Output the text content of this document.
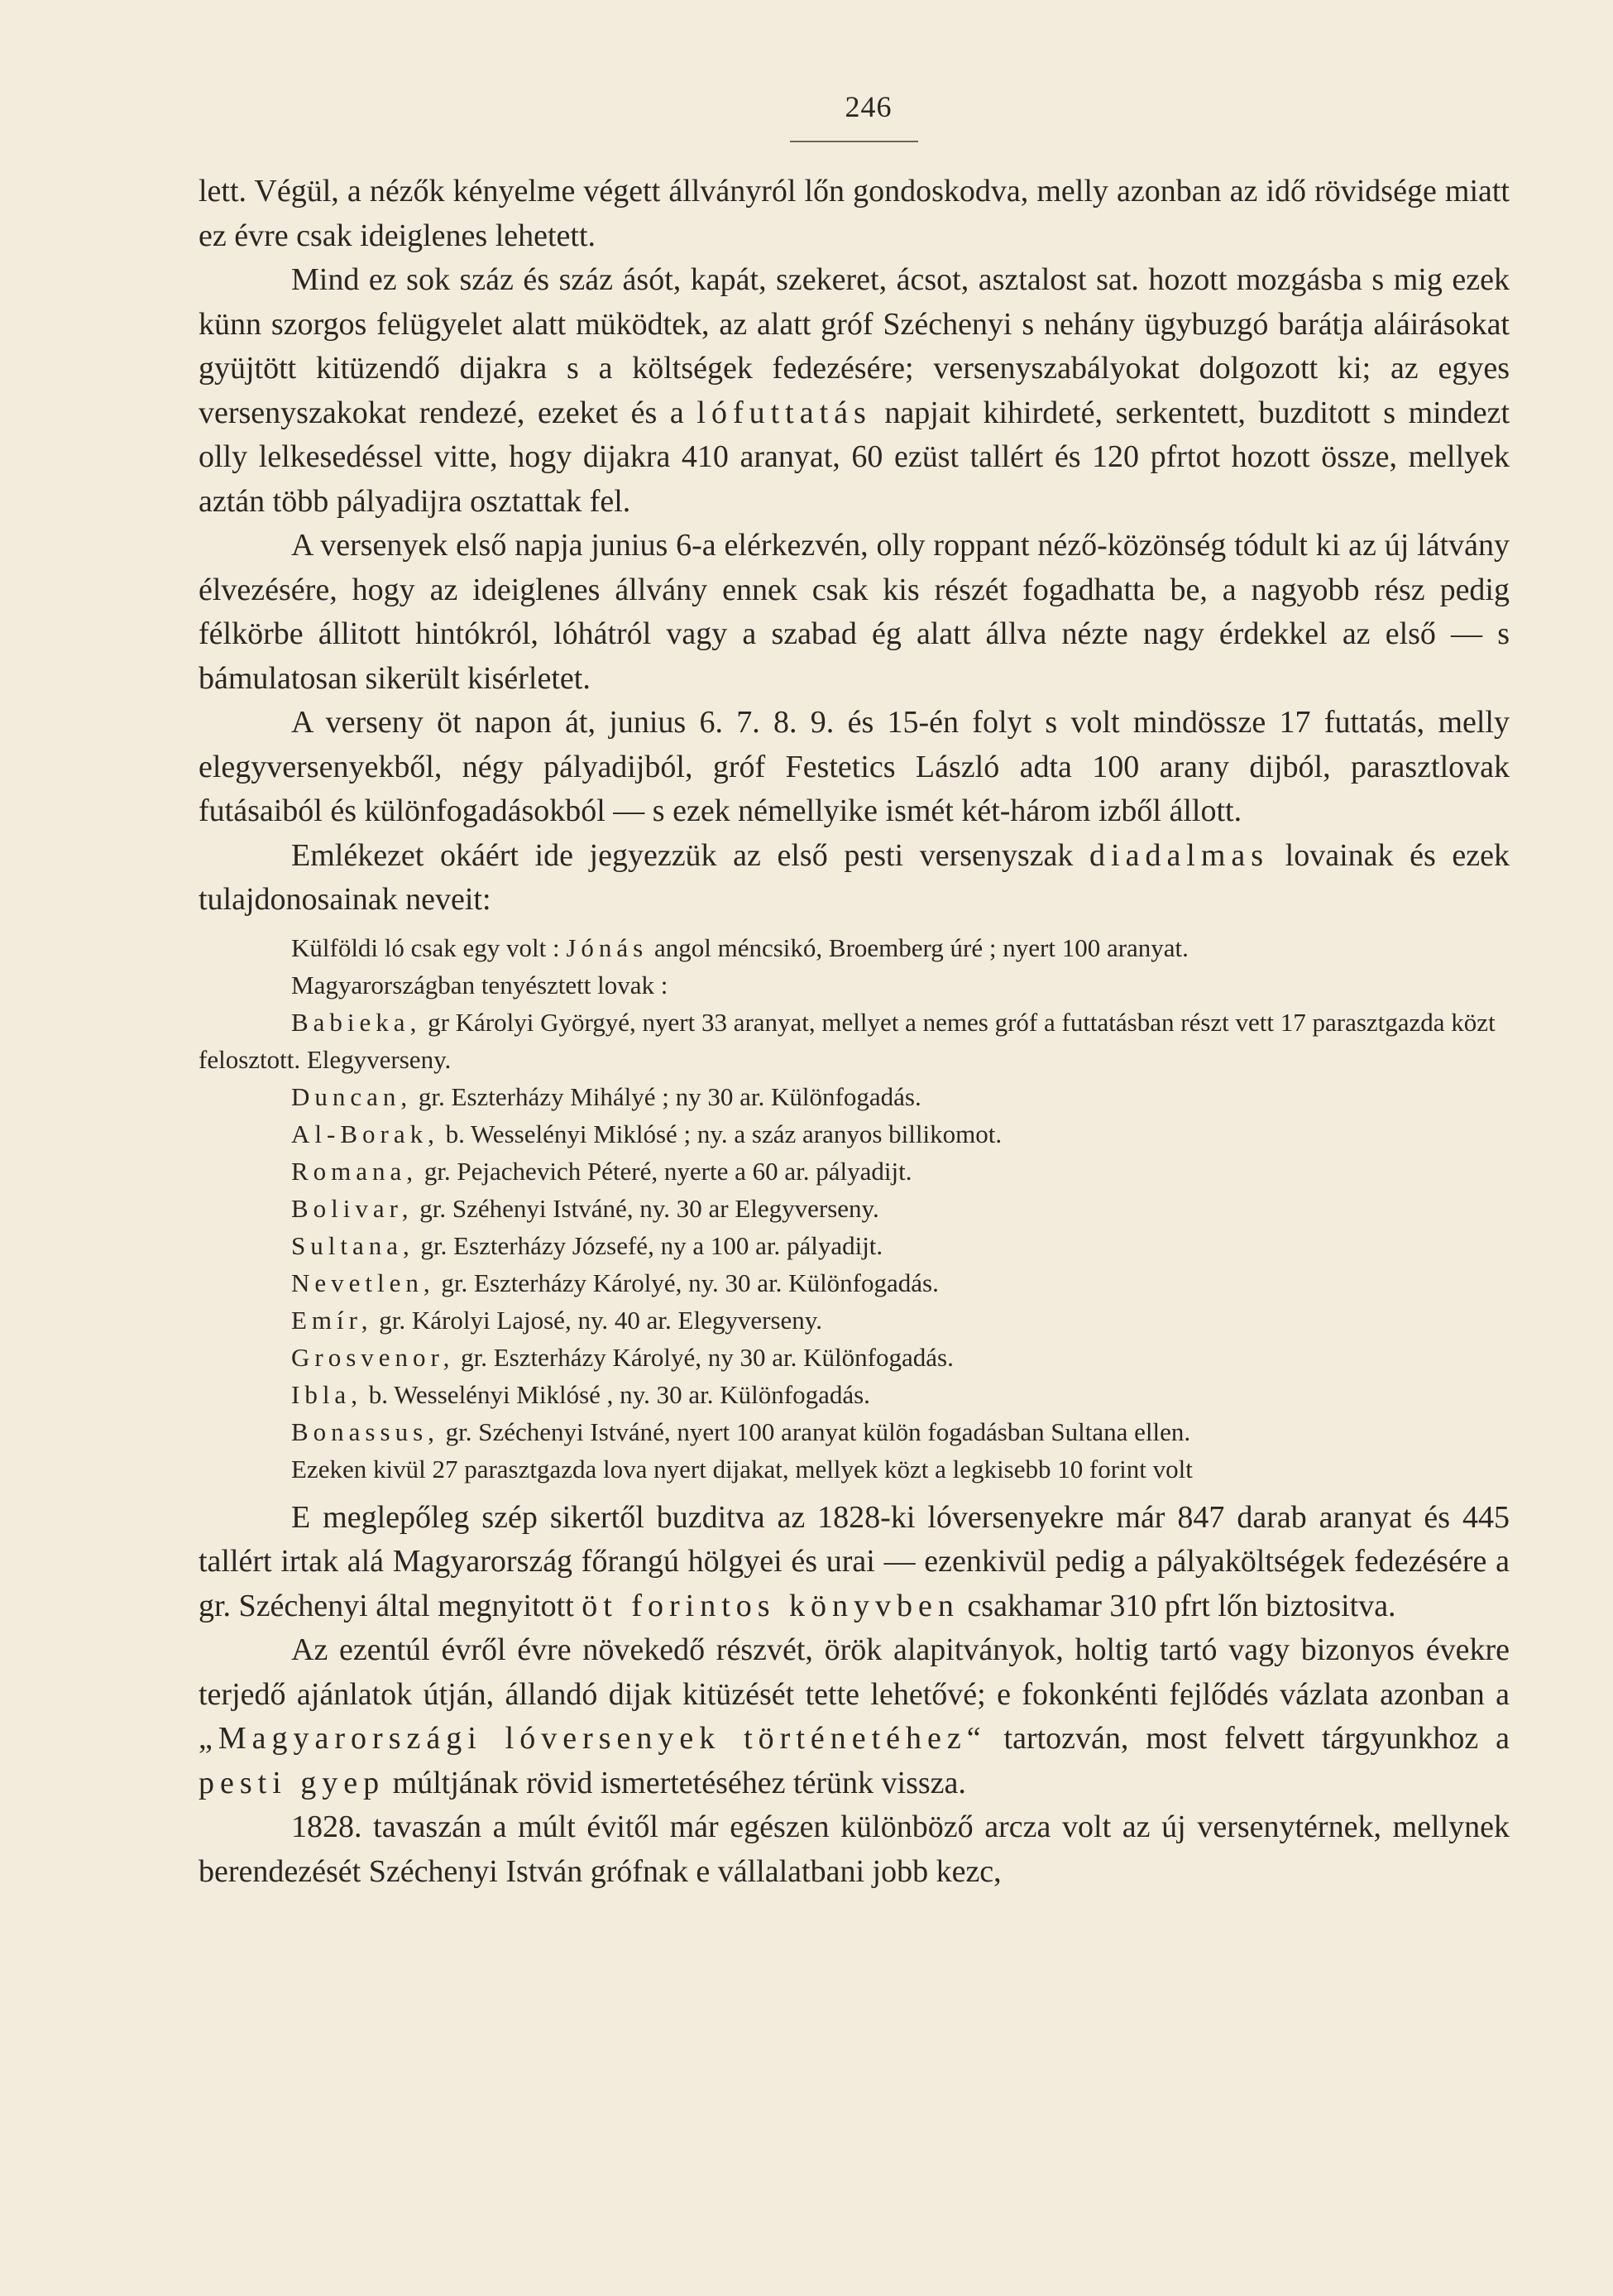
246

lett. Végül, a nézők kényelme végett állványról lőn gondoskodva, melly azonban az idő rövidsége miatt ez évre csak ideiglenes lehetett.

Mind ez sok száz és száz ásót, kapát, szekeret, ácsot, asztalost sat. hozott mozgásba s mig ezek künn szorgos felügyelet alatt müködtek, az alatt gróf Széchenyi s nehány ügybuzgó barátja aláirásokat gyüjtött kitüzendő dijakra s a költségek fedezésére; versenyszabályokat dolgozott ki; az egyes versenyszakokat rendezé, ezeket és a lófuttatás napjait kihirdeté, serkentett, buzditott s mindezt olly lelkesedéssel vitte, hogy dijakra 410 aranyat, 60 ezüst tallért és 120 pfrtot hozott össze, mellyek aztán több pályadijra osztattak fel.

A versenyek első napja junius 6-a elérkezvén, olly roppant néző-közönség tódult ki az új látvány élvezésére, hogy az ideiglenes állvány ennek csak kis részét fogadhatta be, a nagyobb rész pedig félkörbe állitott hintókról, lóhátról vagy a szabad ég alatt állva nézte nagy érdekkel az első — s bámulatosan sikerült kisérletet.

A verseny öt napon át, junius 6. 7. 8. 9. és 15-én folyt s volt mindössze 17 futtatás, melly elegyversenyekből, négy pályadijból, gróf Festetics László adta 100 arany dijból, parasztlovak futásaiból és különfogadásokból — s ezek némellyike ismét két-három izből állott.

Emlékezet okáért ide jegyezzük az első pesti versenyszak diadalmas lovainak és ezek tulajdonosainak neveit:

Külföldi ló csak egy volt : Jónás angol méncsikó, Broemberg úré ; nyert 100 aranyat.

Magyarországban tenyésztett lovak :

Babieka, gr Károlyi Györgyé, nyert 33 aranyat, mellyet a nemes gróf a futtatásban részt vett 17 parasztgazda közt felosztott. Elegyverseny.

Duncan, gr. Eszterházy Mihályé ; ny 30 ar. Különfogadás.

Al-Borak, b. Wesselényi Miklósé ; ny. a száz aranyos billikomot.

Romana, gr. Pejachevich Péteré, nyerte a 60 ar. pályadijt.

Bolivar, gr. Széhenyi Istváné, ny. 30 ar Elegyverseny.

Sultana, gr. Eszterházy Józsefé, ny a 100 ar. pályadijt.

Nevetlen, gr. Eszterházy Károlyé, ny. 30 ar. Különfogadás.

Emír, gr. Károlyi Lajosé, ny. 40 ar. Elegyverseny.

Grosvenor, gr. Eszterházy Károlyé, ny 30 ar. Különfogadás.

Ibla, b. Wesselényi Miklósé , ny. 30 ar. Különfogadás.

Bonassus, gr. Széchenyi Istváné, nyert 100 aranyat külön fogadásban Sultana ellen.

Ezeken kivül 27 parasztgazda lova nyert dijakat, mellyek közt a legkisebb 10 forint volt

E meglepőleg szép sikertől buzditva az 1828-ki lóversenyekre már 847 darab aranyat és 445 tallért irtak alá Magyarország főrangú hölgyei és urai — ezenkivül pedig a pályaköltségek fedezésére a gr. Széchenyi által megnyitott öt forintos könyvben csakhamar 310 pfrt lőn biztositva.

Az ezentúl évről évre növekedő részvét, örök alapitványok, holtig tartó vagy bizonyos évekre terjedő ajánlatok útján, állandó dijak kitüzését tette lehetővé; e fokonkénti fejlődés vázlata azonban a „Magyarországi lóversenyek történetéhez“ tartozván, most felvett tárgyunkhoz a pesti gyep múltjának rövid ismertetéséhez térünk vissza.

1828. tavaszán a múlt évitől már egészen különböző arcza volt az új versenytérnek, mellynek berendezését Széchenyi István grófnak e vállalatbani jobb kezc,
